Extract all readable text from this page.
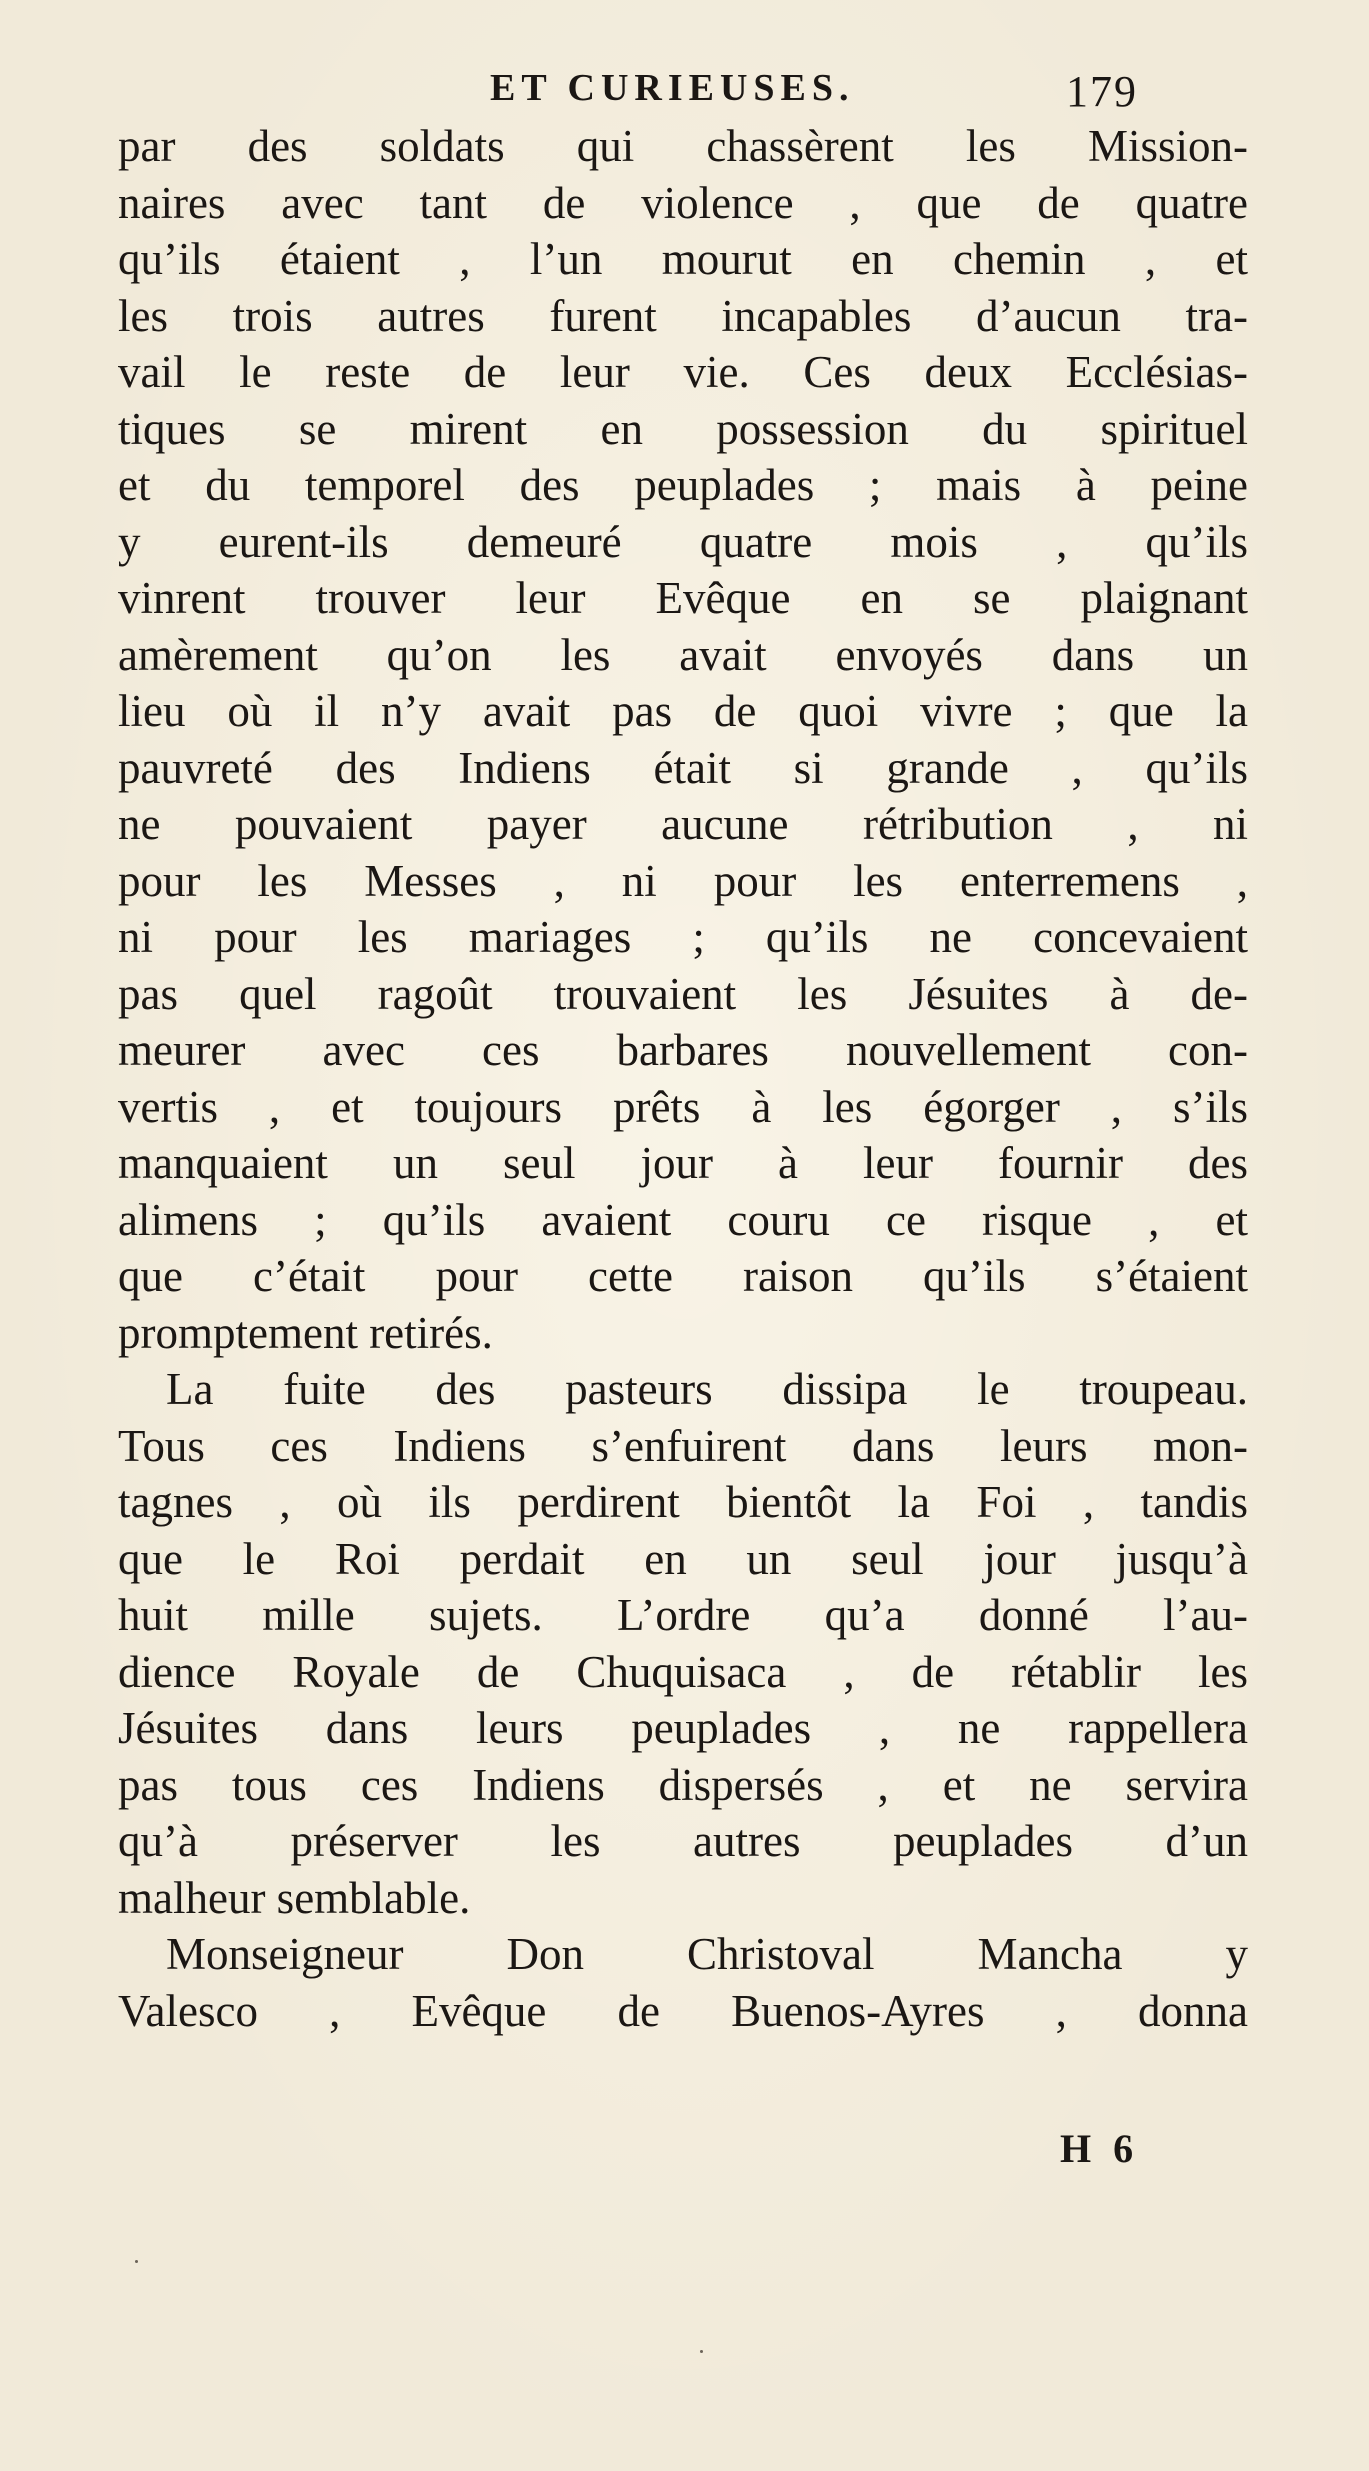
ET CURIEUSES.	179
par des soldats qui chassèrent les Mission-
naires avec tant de violence , que de quatre
qu’ils étaient , l’un mourut en chemin , et
les trois autres furent incapables d’aucun tra-
vail le reste de leur vie. Ces deux Ecclésias-
tiques se mirent en possession du spirituel
et du temporel des peuplades ; mais à peine
y eurent-ils demeuré quatre mois , qu’ils
vinrent trouver leur Evêque en se plaignant
amèrement qu’on les avait envoyés dans un
lieu où il n’y avait pas de quoi vivre ; que la
pauvreté des Indiens était si grande , qu’ils
ne pouvaient payer aucune rétribution , ni
pour les Messes , ni pour les enterremens ,
ni pour les mariages ; qu’ils ne concevaient
pas quel ragoût trouvaient les Jésuites à de-
meurer avec ces barbares nouvellement con-
vertis , et toujours prêts à les égorger , s’ils
manquaient un seul jour à leur fournir des
alimens ; qu’ils avaient couru ce risque , et
que c’était pour cette raison qu’ils s’étaient
promptement retirés.
La fuite des pasteurs dissipa le troupeau.
Tous ces Indiens s’enfuirent dans leurs mon-
tagnes , où ils perdirent bientôt la Foi , tandis
que le Roi perdait en un seul jour jusqu’à
huit mille sujets. L’ordre qu’a donné l’au-
dience Royale de Chuquisaca , de rétablir les
Jésuites dans leurs peuplades , ne rappellera
pas tous ces Indiens dispersés , et ne servira
qu’à préserver les autres peuplades d’un
malheur semblable.
Monseigneur Don Christoval Mancha y
Valesco , Evêque de Buenos-Ayres , donna
H 6
